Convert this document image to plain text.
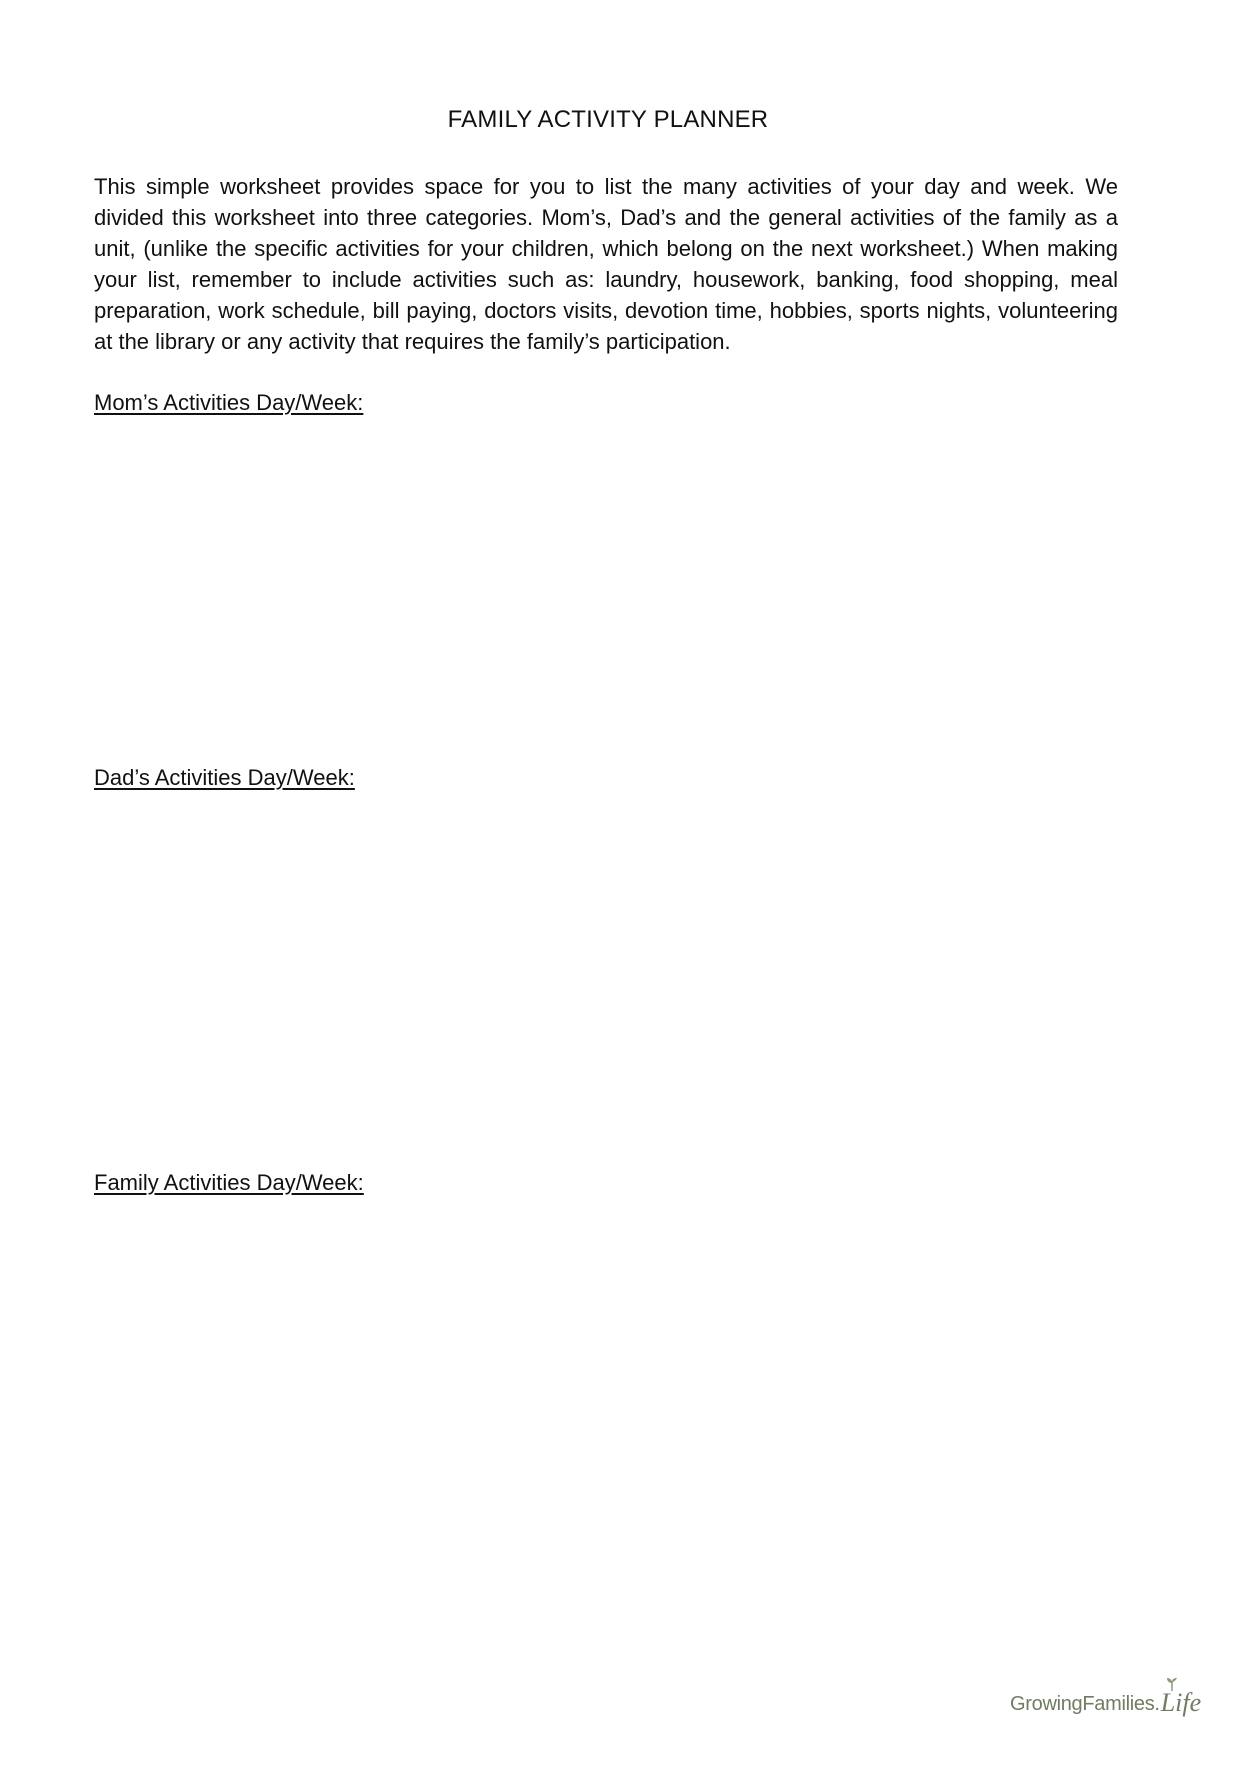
FAMILY ACTIVITY PLANNER

This simple worksheet provides space for you to list the many activities of your day and week. We divided this worksheet into three categories. Mom’s, Dad’s and the general activities of the family as a unit, (unlike the specific activities for your children, which belong on the next worksheet.) When making your list, remember to include activities such as: laundry, housework, banking, food shopping, meal preparation, work schedule, bill paying, doctors visits, devotion time, hobbies, sports nights, volunteering at the library or any activity that requires the family’s participation.

Mom’s Activities Day/Week:
Dad’s Activities Day/Week:
Family Activities Day/Week:
GrowingFamilies. Life
